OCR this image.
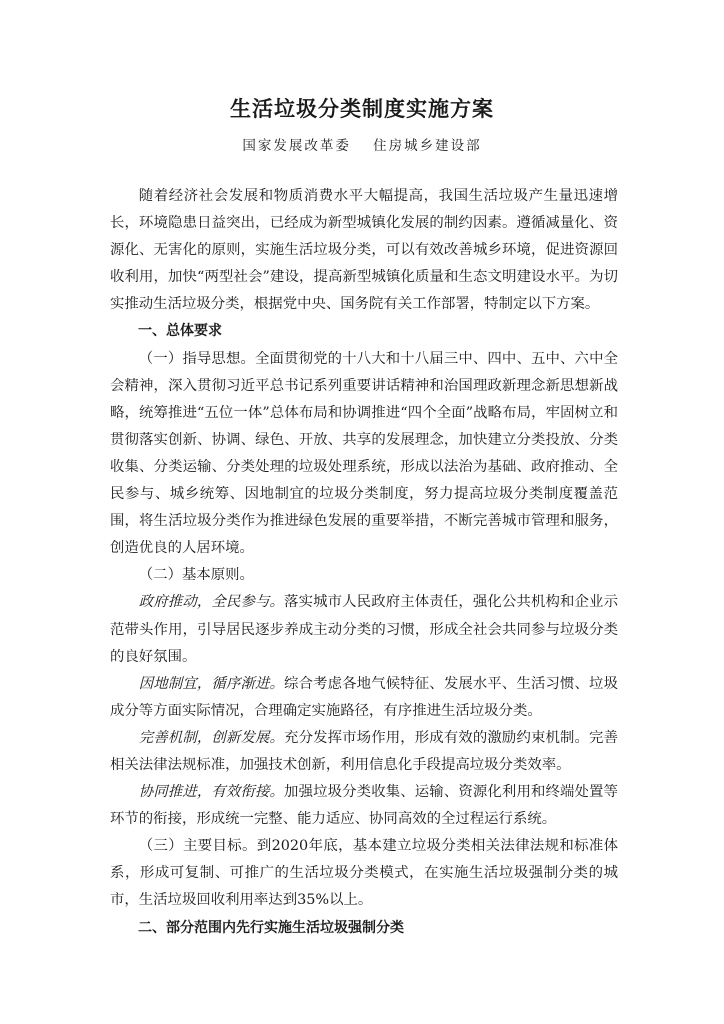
生活垃圾分类制度实施方案
国家发展改革委 住房城乡建设部

随着经济社会发展和物质消费水平大幅提高，我国生活垃圾产生量迅速增长，环境隐患日益突出，已经成为新型城镇化发展的制约因素。遵循减量化、资源化、无害化的原则，实施生活垃圾分类，可以有效改善城乡环境，促进资源回收利用，加快“两型社会”建设，提高新型城镇化质量和生态文明建设水平。为切实推动生活垃圾分类，根据党中央、国务院有关工作部署，特制定以下方案。

一、总体要求

（一）指导思想。全面贯彻党的十八大和十八届三中、四中、五中、六中全会精神，深入贯彻习近平总书记系列重要讲话精神和治国理政新理念新思想新战略，统筹推进“五位一体”总体布局和协调推进“四个全面”战略布局，牢固树立和贯彻落实创新、协调、绿色、开放、共享的发展理念，加快建立分类投放、分类收集、分类运输、分类处理的垃圾处理系统，形成以法治为基础、政府推动、全民参与、城乡统筹、因地制宜的垃圾分类制度，努力提高垃圾分类制度覆盖范围，将生活垃圾分类作为推进绿色发展的重要举措，不断完善城市管理和服务，创造优良的人居环境。

（二）基本原则。

政府推动，全民参与。落实城市人民政府主体责任，强化公共机构和企业示范带头作用，引导居民逐步养成主动分类的习惯，形成全社会共同参与垃圾分类的良好氛围。

因地制宜，循序渐进。综合考虑各地气候特征、发展水平、生活习惯、垃圾成分等方面实际情况，合理确定实施路径，有序推进生活垃圾分类。

完善机制，创新发展。充分发挥市场作用，形成有效的激励约束机制。完善相关法律法规标准，加强技术创新，利用信息化手段提高垃圾分类效率。

协同推进，有效衔接。加强垃圾分类收集、运输、资源化利用和终端处置等环节的衔接，形成统一完整、能力适应、协同高效的全过程运行系统。

（三）主要目标。到2020年底，基本建立垃圾分类相关法律法规和标准体系，形成可复制、可推广的生活垃圾分类模式，在实施生活垃圾强制分类的城市，生活垃圾回收利用率达到35%以上。

二、部分范围内先行实施生活垃圾强制分类
